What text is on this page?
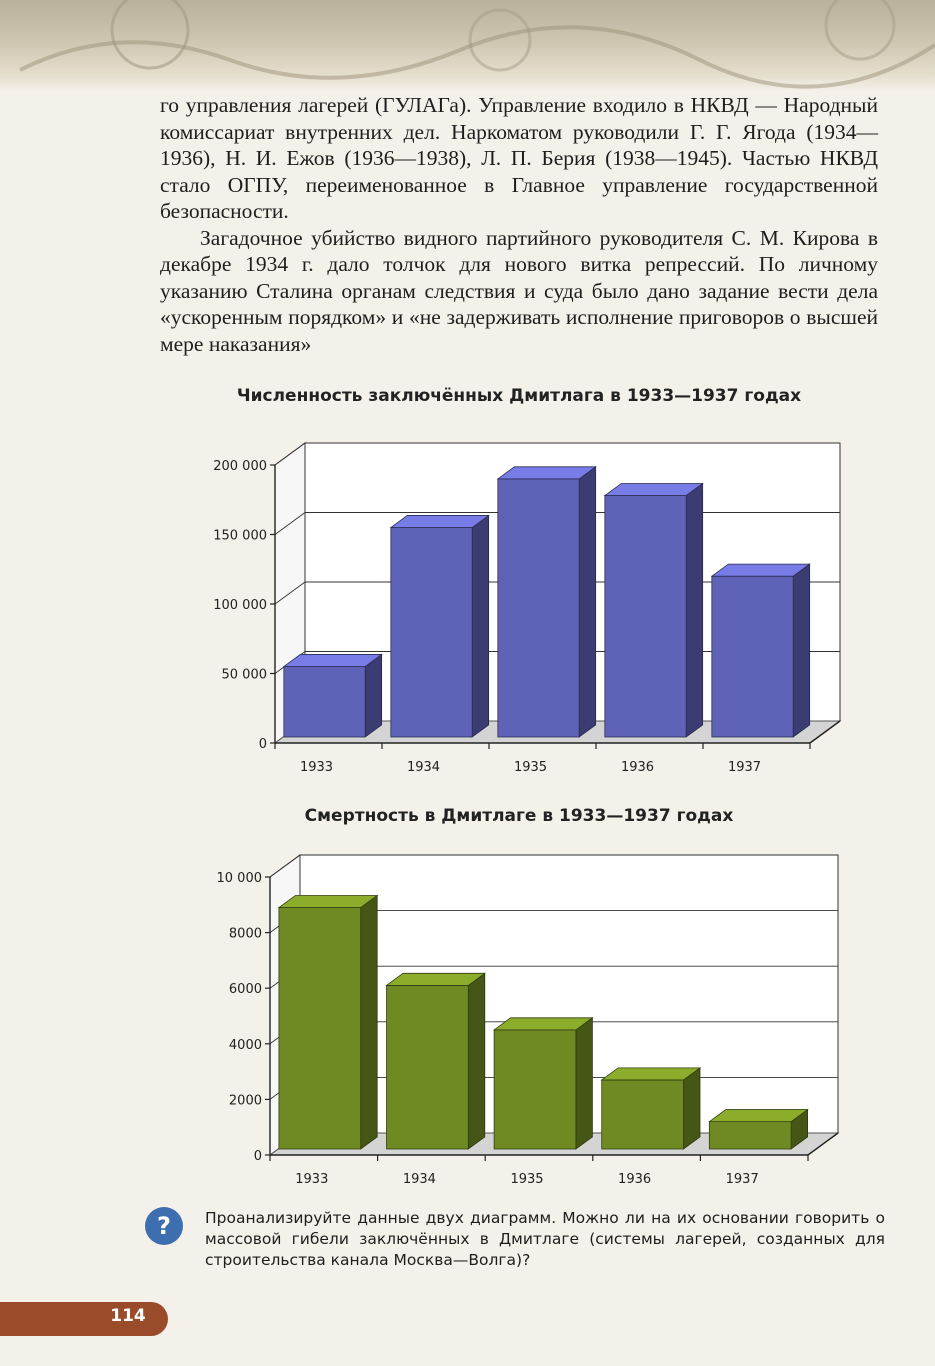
го управления лагерей (ГУЛАГа). Управление входило в НКВД — Народный комиссариат внутренних дел. Наркоматом руководили Г. Г. Ягода (1934—1936), Н. И. Ежов (1936—1938), Л. П. Берия (1938—1945). Частью НКВД стало ОГПУ, переименованное в Главное управление государственной безопасности.

Загадочное убийство видного партийного руководителя С. М. Кирова в декабре 1934 г. дало толчок для нового витка репрессий. По личному указанию Сталина органам следствия и суда было дано задание вести дела «ускоренным порядком» и «не задерживать исполнение приговоров о высшей мере наказания»

Численность заключённых Дмитлага в 1933—1937 годах
0
50 000
100 000
150 000
200 000
1933	1934	1935	1936	1937
Смертность в Дмитлаге в 1933—1937 годах
0
2000
4000
6000
8000
10 000
1933	1934	1935	1936	1937
? Проанализируйте данные двух диаграмм. Можно ли на их основании говорить о массовой гибели заключённых в Дмитлаге (системы лагерей, созданных для строительства канала Москва—Волга)?
114
